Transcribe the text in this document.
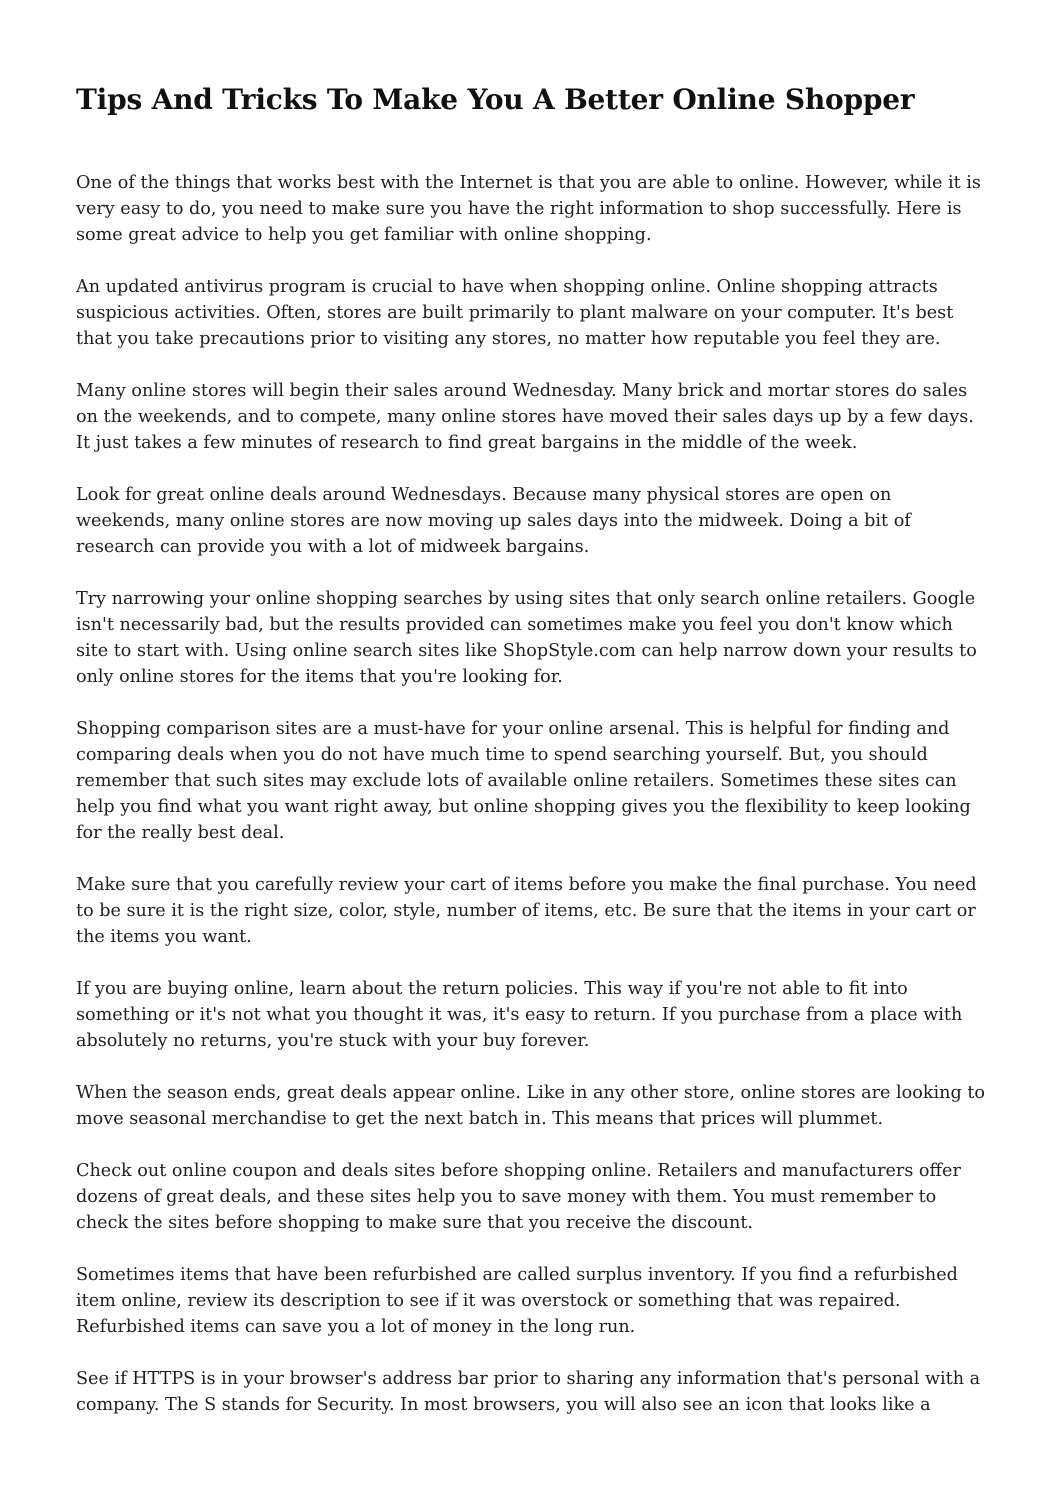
Tips And Tricks To Make You A Better Online Shopper

One of the things that works best with the Internet is that you are able to online. However, while it is very easy to do, you need to make sure you have the right information to shop successfully. Here is some great advice to help you get familiar with online shopping.

An updated antivirus program is crucial to have when shopping online. Online shopping attracts suspicious activities. Often, stores are built primarily to plant malware on your computer. It's best that you take precautions prior to visiting any stores, no matter how reputable you feel they are.

Many online stores will begin their sales around Wednesday. Many brick and mortar stores do sales on the weekends, and to compete, many online stores have moved their sales days up by a few days. It just takes a few minutes of research to find great bargains in the middle of the week.

Look for great online deals around Wednesdays. Because many physical stores are open on weekends, many online stores are now moving up sales days into the midweek. Doing a bit of research can provide you with a lot of midweek bargains.

Try narrowing your online shopping searches by using sites that only search online retailers. Google isn't necessarily bad, but the results provided can sometimes make you feel you don't know which site to start with. Using online search sites like ShopStyle.com can help narrow down your results to only online stores for the items that you're looking for.

Shopping comparison sites are a must-have for your online arsenal. This is helpful for finding and comparing deals when you do not have much time to spend searching yourself. But, you should remember that such sites may exclude lots of available online retailers. Sometimes these sites can help you find what you want right away, but online shopping gives you the flexibility to keep looking for the really best deal.

Make sure that you carefully review your cart of items before you make the final purchase. You need to be sure it is the right size, color, style, number of items, etc. Be sure that the items in your cart or the items you want.

If you are buying online, learn about the return policies. This way if you're not able to fit into something or it's not what you thought it was, it's easy to return. If you purchase from a place with absolutely no returns, you're stuck with your buy forever.

When the season ends, great deals appear online. Like in any other store, online stores are looking to move seasonal merchandise to get the next batch in. This means that prices will plummet.

Check out online coupon and deals sites before shopping online. Retailers and manufacturers offer dozens of great deals, and these sites help you to save money with them. You must remember to check the sites before shopping to make sure that you receive the discount.

Sometimes items that have been refurbished are called surplus inventory. If you find a refurbished item online, review its description to see if it was overstock or something that was repaired. Refurbished items can save you a lot of money in the long run.

See if HTTPS is in your browser's address bar prior to sharing any information that's personal with a company. The S stands for Security. In most browsers, you will also see an icon that looks like a
